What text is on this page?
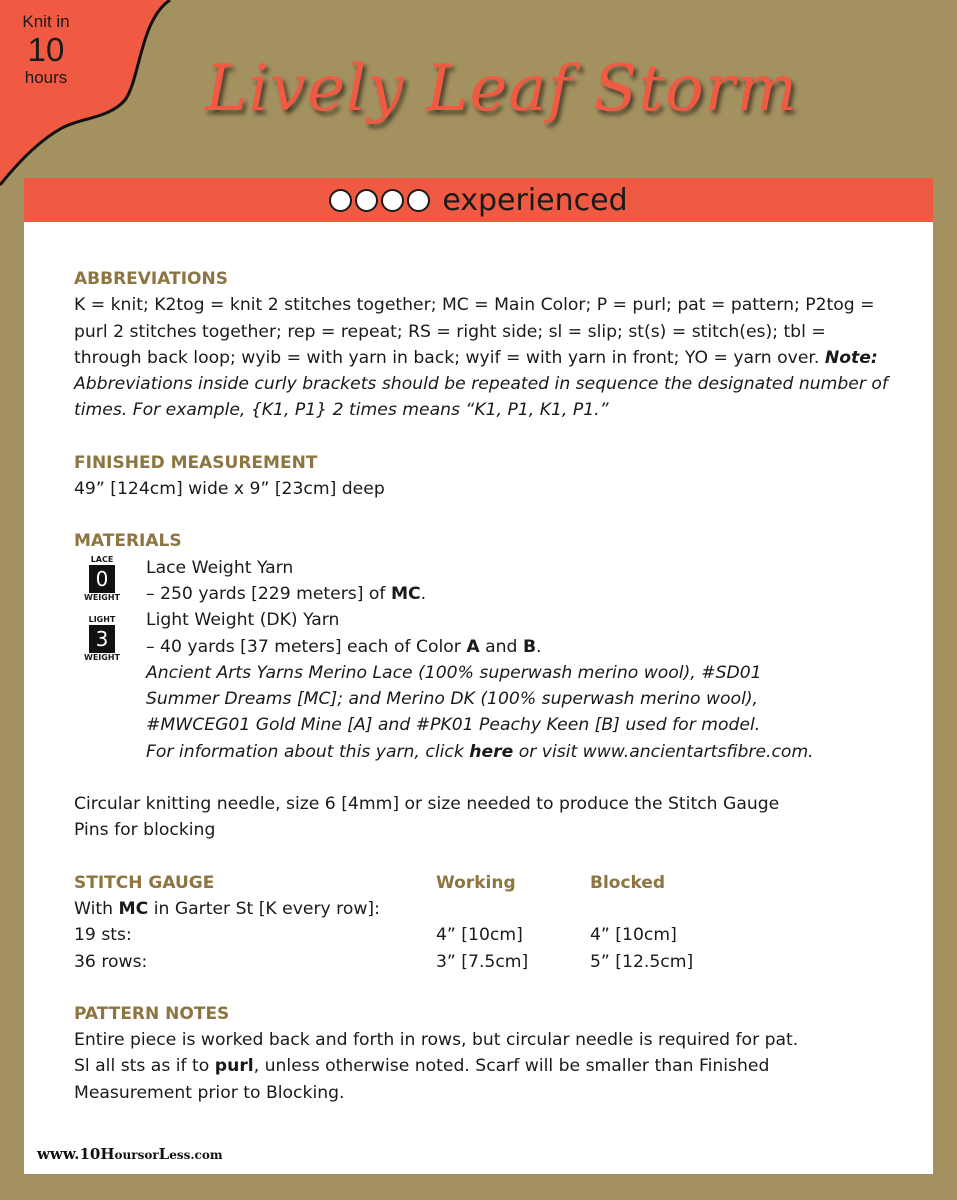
Knit in
10
hours Lively Leaf Storm
experienced
ABBREVIATIONS
K = knit; K2tog = knit 2 stitches together; MC = Main Color; P = purl; pat = pattern; P2tog = purl 2 stitches together; rep = repeat; RS = right side; sl = slip; st(s) = stitch(es); tbl = through back loop; wyib = with yarn in back; wyif = with yarn in front; YO = yarn over. Note: Abbreviations inside curly brackets should be repeated in sequence the designated number of times. For example, {K1, P1} 2 times means “K1, P1, K1, P1.”
FINISHED MEASUREMENT
49” [124cm] wide x 9” [23cm] deep
MATERIALS
LACE
0
WEIGHT
LIGHT
3
WEIGHT
Lace Weight Yarn
– 250 yards [229 meters] of MC.
Light Weight (DK) Yarn
– 40 yards [37 meters] each of Color A and B.
Ancient Arts Yarns Merino Lace (100% superwash merino wool), #SD01
Summer Dreams [MC]; and Merino DK (100% superwash merino wool),
#MWCEG01 Gold Mine [A] and #PK01 Peachy Keen [B] used for model.
For information about this yarn, click here or visit www.ancientartsfibre.com.
Circular knitting needle, size 6 [4mm] or size needed to produce the Stitch Gauge
Pins for blocking
STITCH GAUGE	Working	Blocked
With MC in Garter St [K every row]:
19 sts:	4” [10cm]	4” [10cm]
36 rows:	3” [7.5cm]	5” [12.5cm]
PATTERN NOTES
Entire piece is worked back and forth in rows, but circular needle is required for pat.
Sl all sts as if to purl, unless otherwise noted. Scarf will be smaller than Finished
Measurement prior to Blocking.
www.10HoursorLess.com
